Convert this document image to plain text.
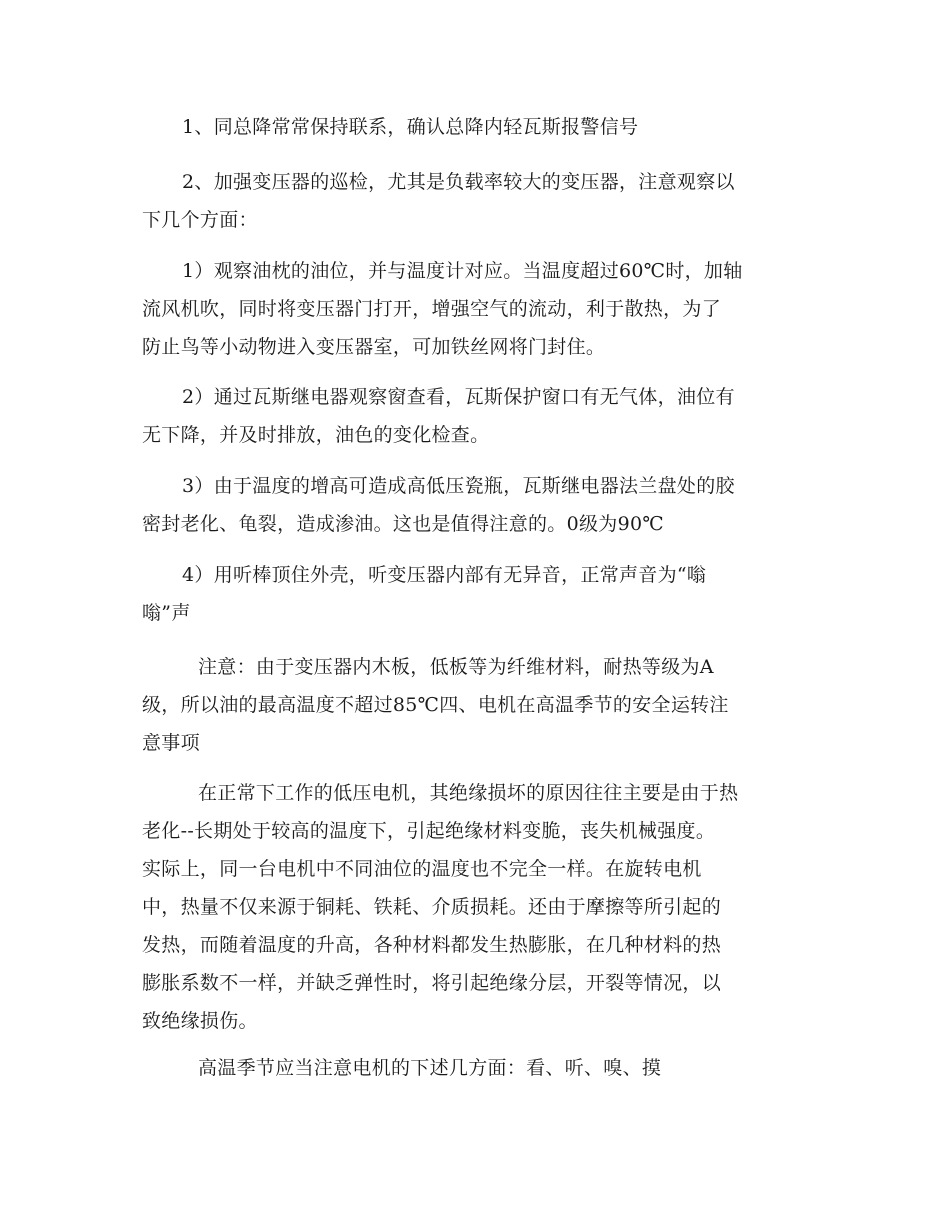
1、同总降常常保持联系，确认总降内轻瓦斯报警信号
2、加强变压器的巡检，尤其是负载率较大的变压器，注意观察以
下几个方面：
1）观察油枕的油位，并与温度计对应。当温度超过60℃时，加轴
流风机吹，同时将变压器门打开，增强空气的流动，利于散热，为了
防止鸟等小动物进入变压器室，可加铁丝网将门封住。
2）通过瓦斯继电器观察窗查看，瓦斯保护窗口有无气体，油位有
无下降，并及时排放，油色的变化检查。
3）由于温度的增高可造成高低压瓷瓶，瓦斯继电器法兰盘处的胶
密封老化、龟裂，造成渗油。这也是值得注意的。0级为90℃
4）用听棒顶住外壳，听变压器内部有无异音，正常声音为“嗡
嗡”声
注意：由于变压器内木板，低板等为纤维材料，耐热等级为A
级，所以油的最高温度不超过85℃四、电机在高温季节的安全运转注
意事项
在正常下工作的低压电机，其绝缘损坏的原因往往主要是由于热
老化--长期处于较高的温度下，引起绝缘材料变脆，丧失机械强度。
实际上，同一台电机中不同油位的温度也不完全一样。在旋转电机
中，热量不仅来源于铜耗、铁耗、介质损耗。还由于摩擦等所引起的
发热，而随着温度的升高，各种材料都发生热膨胀，在几种材料的热
膨胀系数不一样，并缺乏弹性时，将引起绝缘分层，开裂等情况，以
致绝缘损伤。
高温季节应当注意电机的下述几方面：看、听、嗅、摸
